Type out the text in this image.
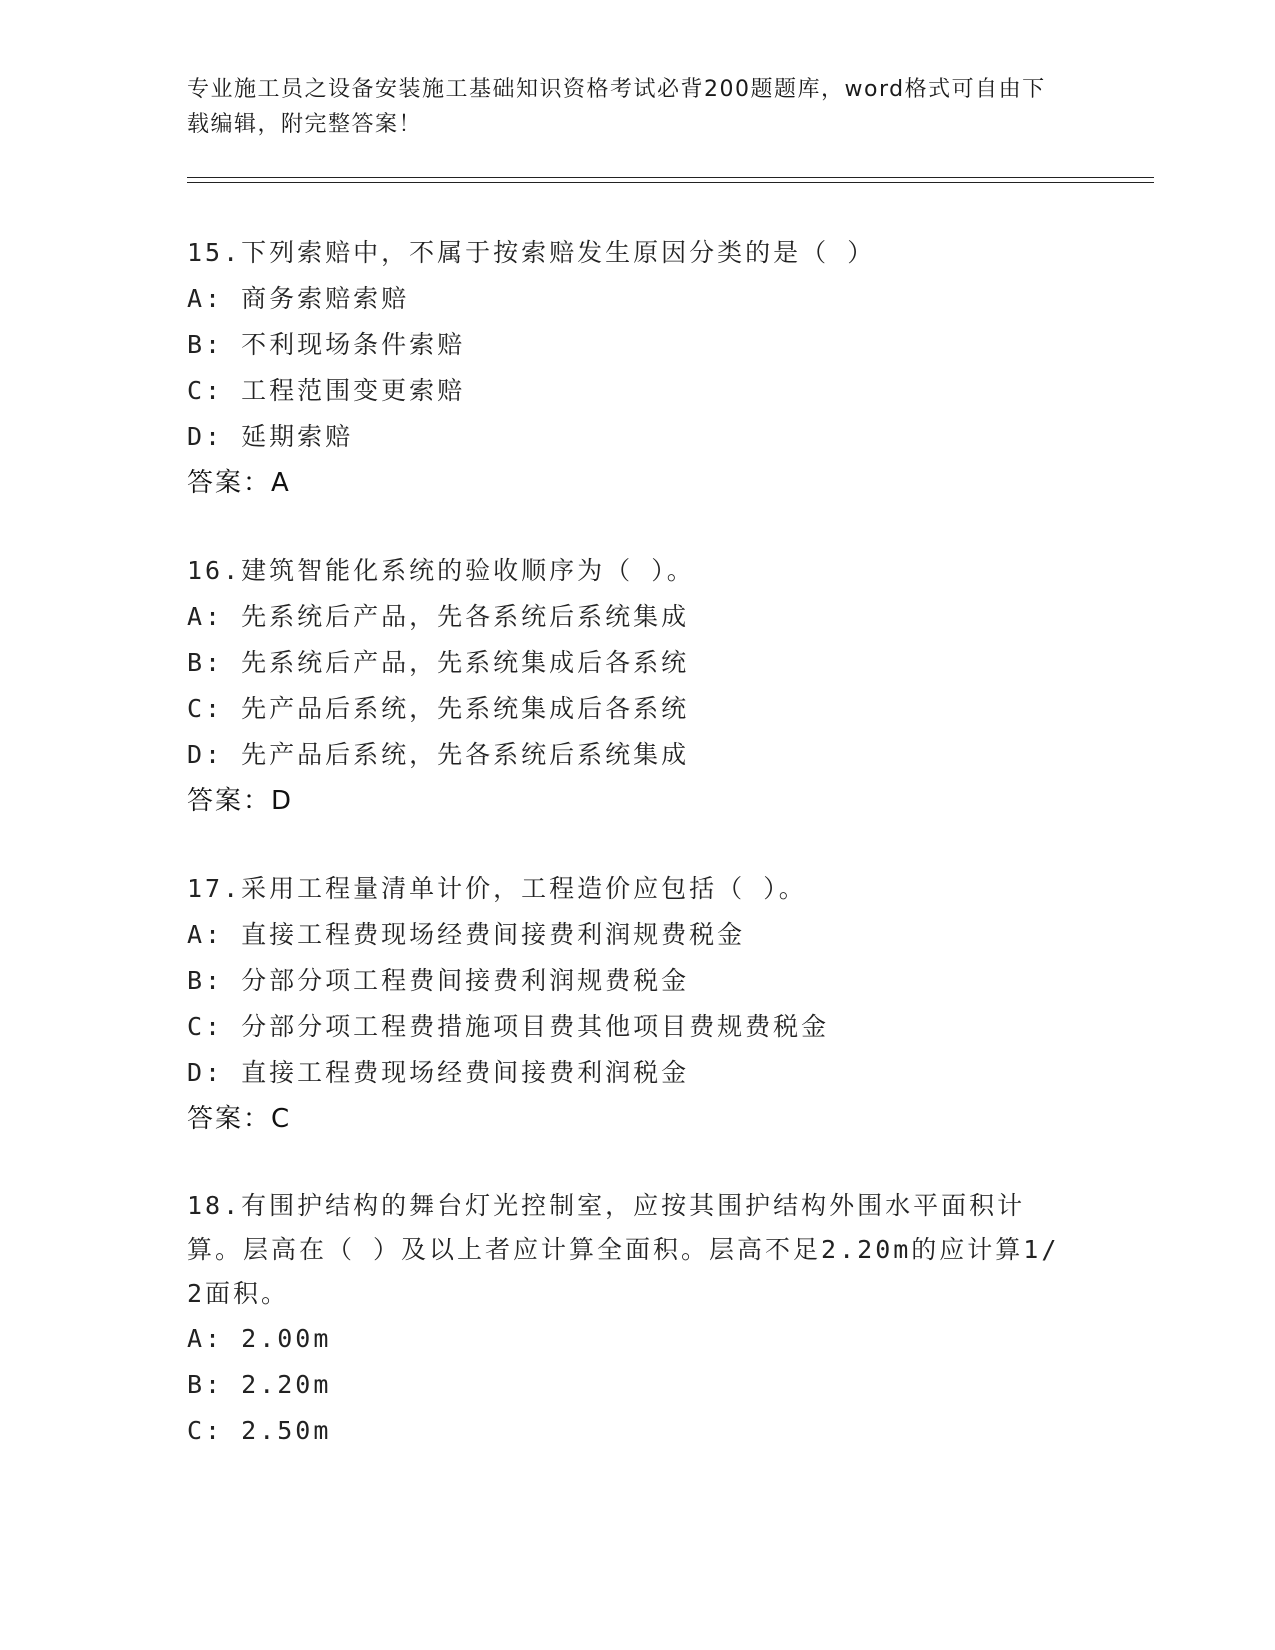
专业施工员之设备安装施工基础知识资格考试必背200题题库，word格式可自由下载编辑，附完整答案！
15.下列索赔中，不属于按索赔发生原因分类的是（ ）
A: 商务索赔索赔
B: 不利现场条件索赔
C: 工程范围变更索赔
D: 延期索赔
答案：A
16.建筑智能化系统的验收顺序为（ ）。
A: 先系统后产品，先各系统后系统集成
B: 先系统后产品，先系统集成后各系统
C: 先产品后系统，先系统集成后各系统
D: 先产品后系统，先各系统后系统集成
答案：D
17.采用工程量清单计价，工程造价应包括（ ）。
A: 直接工程费现场经费间接费利润规费税金
B: 分部分项工程费间接费利润规费税金
C: 分部分项工程费措施项目费其他项目费规费税金
D: 直接工程费现场经费间接费利润税金
答案：C
18.有围护结构的舞台灯光控制室，应按其围护结构外围水平面积计算。层高在（ ）及以上者应计算全面积。层高不足2.20m的应计算1/2面积。
A: 2.00m
B: 2.20m
C: 2.50m
